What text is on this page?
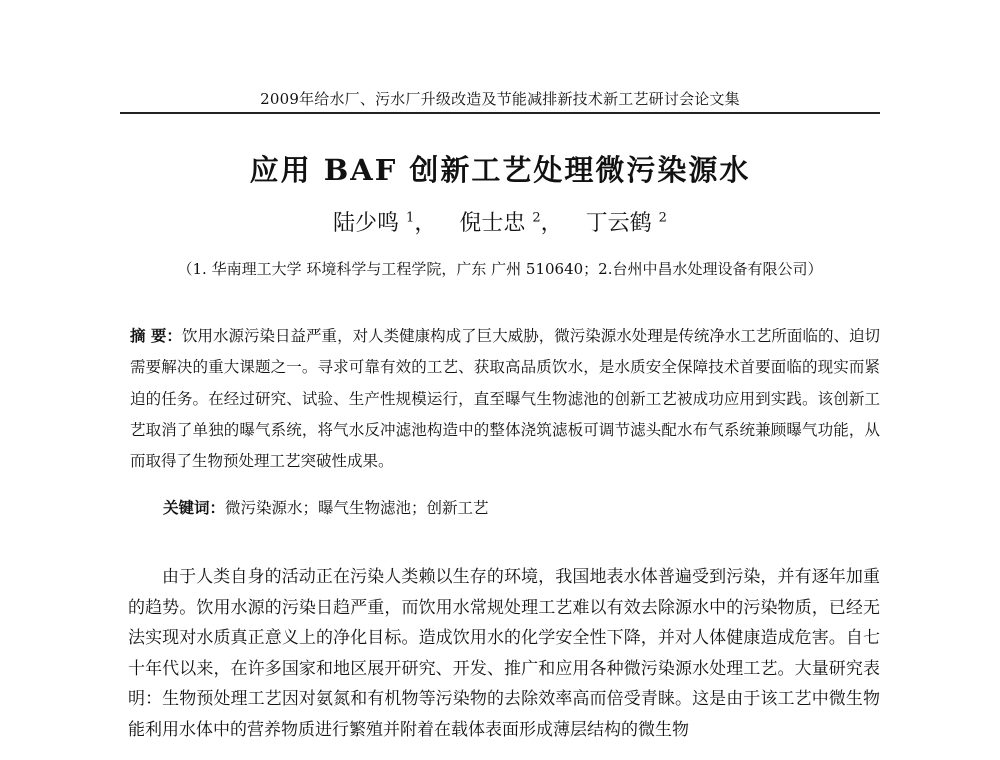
2009年给水厂、污水厂升级改造及节能减排新技术新工艺研讨会论文集
应用 BAF 创新工艺处理微污染源水
陆少鸣 $^1$， 倪士忠 $^2$， 丁云鹤 $^2$
（1. 华南理工大学 环境科学与工程学院，广东 广州 510640；2.台州中昌水处理设备有限公司）
摘 要：饮用水源污染日益严重，对人类健康构成了巨大威胁，微污染源水处理是传统净水工艺所面临的、迫切需要解决的重大课题之一。寻求可靠有效的工艺、获取高品质饮水，是水质安全保障技术首要面临的现实而紧迫的任务。在经过研究、试验、生产性规模运行，直至曝气生物滤池的创新工艺被成功应用到实践。该创新工艺取消了单独的曝气系统，将气水反冲滤池构造中的整体浇筑滤板可调节滤头配水布气系统兼顾曝气功能，从而取得了生物预处理工艺突破性成果。
关键词：微污染源水；曝气生物滤池；创新工艺
由于人类自身的活动正在污染人类赖以生存的环境，我国地表水体普遍受到污染，并有逐年加重的趋势。饮用水源的污染日趋严重，而饮用水常规处理工艺难以有效去除源水中的污染物质，已经无法实现对水质真正意义上的净化目标。造成饮用水的化学安全性下降，并对人体健康造成危害。自七十年代以来，在许多国家和地区展开研究、开发、推广和应用各种微污染源水处理工艺。大量研究表明：生物预处理工艺因对氨氮和有机物等污染物的去除效率高而倍受青睐。这是由于该工艺中微生物能利用水体中的营养物质进行繁殖并附着在载体表面形成薄层结构的微生物
